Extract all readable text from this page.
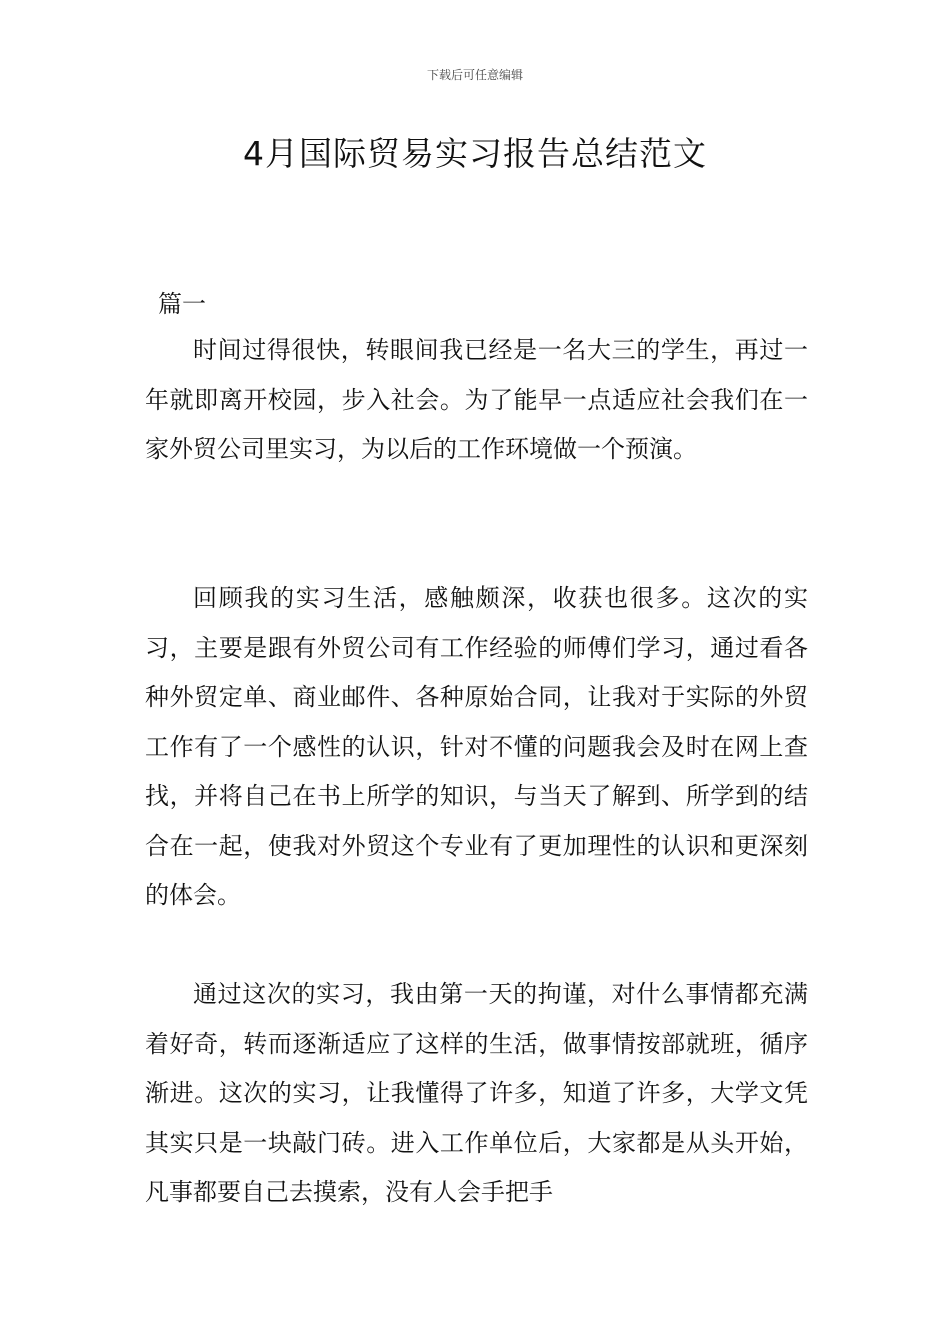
下载后可任意编辑
4月国际贸易实习报告总结范文
篇一

时间过得很快，转眼间我已经是一名大三的学生，再过一年就即离开校园，步入社会。为了能早一点适应社会我们在一家外贸公司里实习，为以后的工作环境做一个预演。

回顾我的实习生活，感触颇深，收获也很多。这次的实习，主要是跟有外贸公司有工作经验的师傅们学习，通过看各种外贸定单、商业邮件、各种原始合同，让我对于实际的外贸工作有了一个感性的认识，针对不懂的问题我会及时在网上查找，并将自己在书上所学的知识，与当天了解到、所学到的结合在一起，使我对外贸这个专业有了更加理性的认识和更深刻的体会。

通过这次的实习，我由第一天的拘谨，对什么事情都充满着好奇，转而逐渐适应了这样的生活，做事情按部就班，循序渐进。这次的实习，让我懂得了许多，知道了许多，大学文凭其实只是一块敲门砖。进入工作单位后，大家都是从头开始，凡事都要自己去摸索，没有人会手把手
